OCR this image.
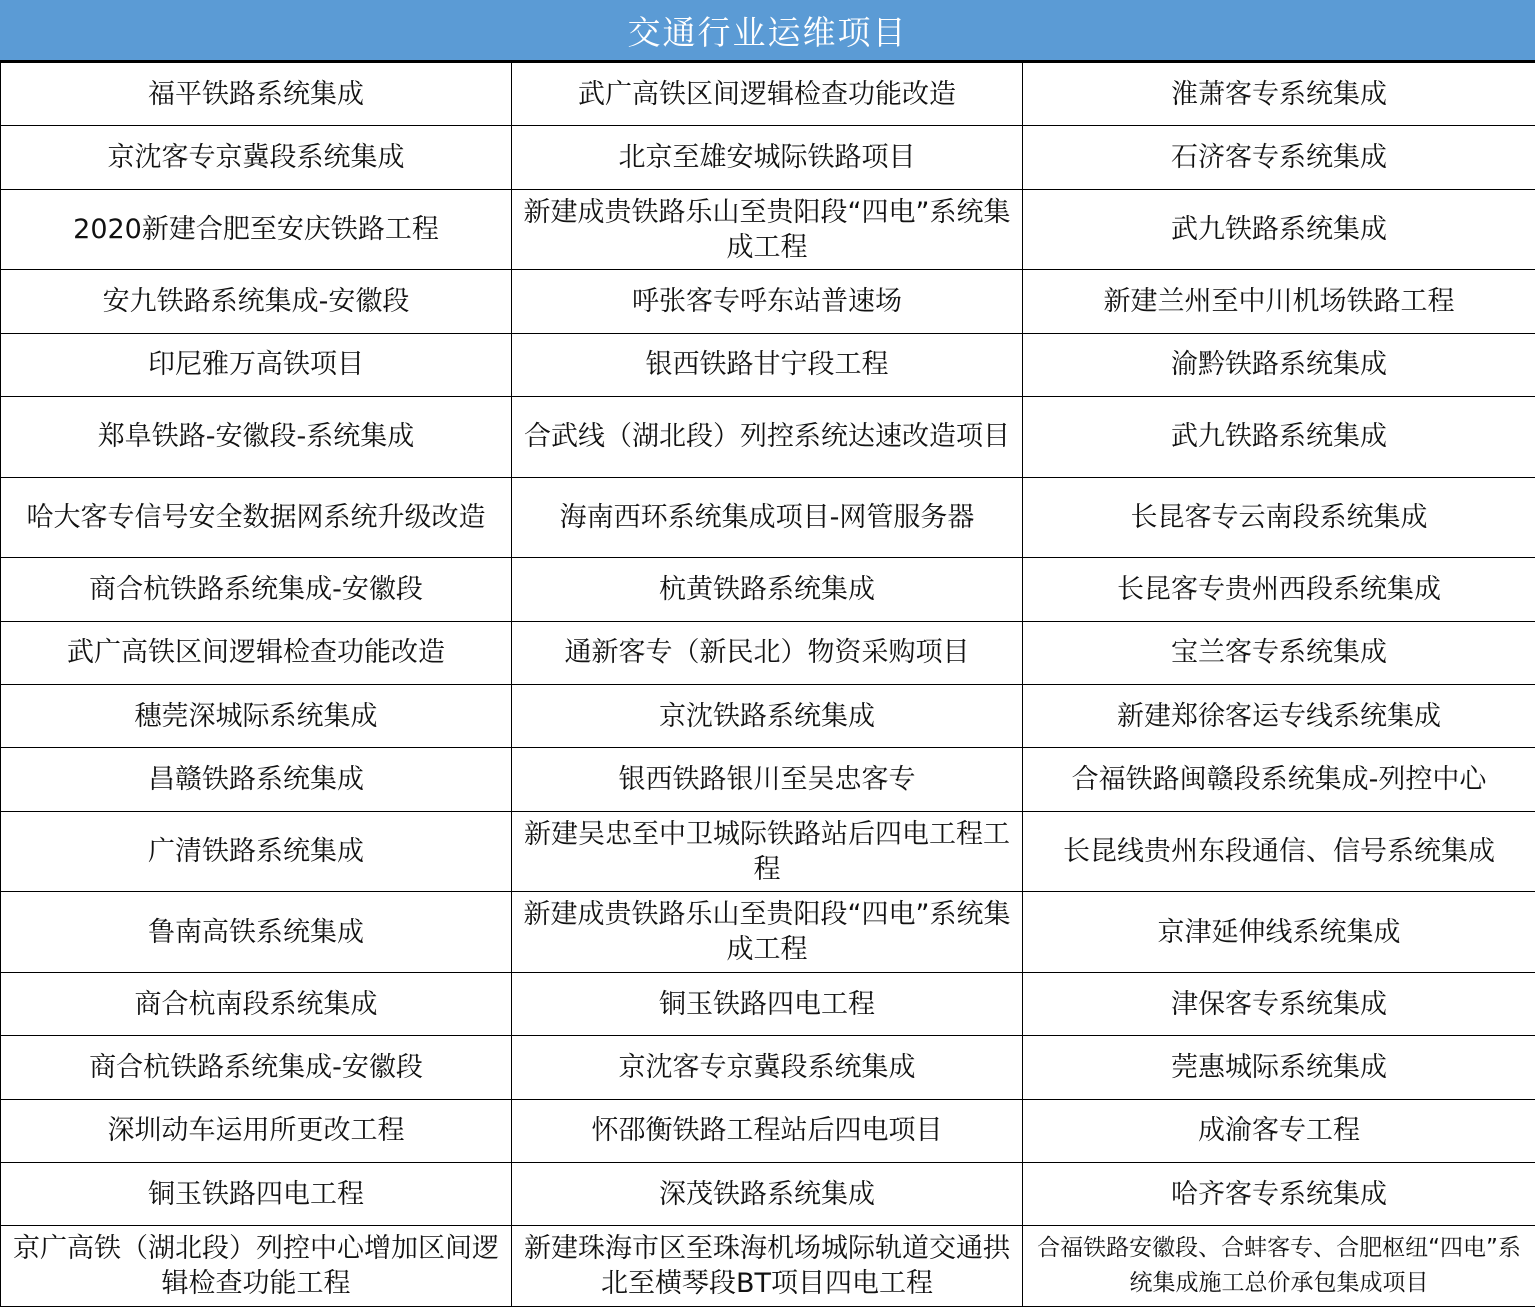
交通行业运维项目
福平铁路系统集成	武广高铁区间逻辑检查功能改造	淮萧客专系统集成
京沈客专京冀段系统集成	北京至雄安城际铁路项目	石济客专系统集成
2020新建合肥至安庆铁路工程	新建成贵铁路乐山至贵阳段“四电”系统集成工程	武九铁路系统集成
安九铁路系统集成-安徽段	呼张客专呼东站普速场	新建兰州至中川机场铁路工程
印尼雅万高铁项目	银西铁路甘宁段工程	渝黔铁路系统集成
郑阜铁路-安徽段-系统集成	合武线（湖北段）列控系统达速改造项目	武九铁路系统集成
哈大客专信号安全数据网系统升级改造	海南西环系统集成项目-网管服务器	长昆客专云南段系统集成
商合杭铁路系统集成-安徽段	杭黄铁路系统集成	长昆客专贵州西段系统集成
武广高铁区间逻辑检查功能改造	通新客专（新民北）物资采购项目	宝兰客专系统集成
穗莞深城际系统集成	京沈铁路系统集成	新建郑徐客运专线系统集成
昌赣铁路系统集成	银西铁路银川至吴忠客专	合福铁路闽赣段系统集成-列控中心
广清铁路系统集成	新建吴忠至中卫城际铁路站后四电工程工程	长昆线贵州东段通信、信号系统集成
鲁南高铁系统集成	新建成贵铁路乐山至贵阳段“四电”系统集成工程	京津延伸线系统集成
商合杭南段系统集成	铜玉铁路四电工程	津保客专系统集成
商合杭铁路系统集成-安徽段	京沈客专京冀段系统集成	莞惠城际系统集成
深圳动车运用所更改工程	怀邵衡铁路工程站后四电项目	成渝客专工程
铜玉铁路四电工程	深茂铁路系统集成	哈齐客专系统集成
京广高铁（湖北段）列控中心增加区间逻辑检查功能工程	新建珠海市区至珠海机场城际轨道交通拱北至横琴段BT项目四电工程	合福铁路安徽段、合蚌客专、合肥枢纽“四电”系统集成施工总价承包集成项目
